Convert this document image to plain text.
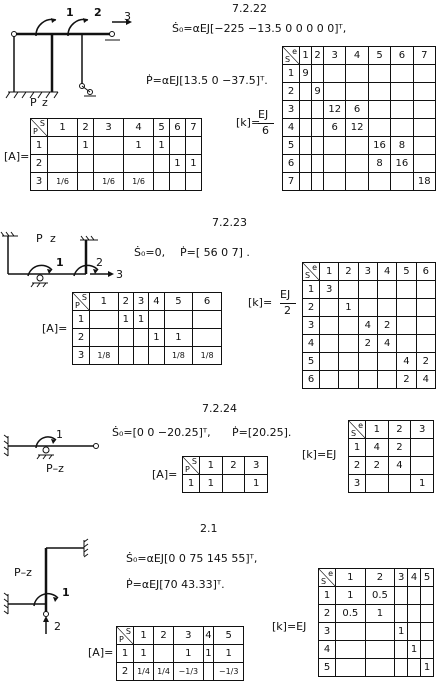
7.2.22
1 2 3
P z
Ṡ₀=αEJ[−225 −13.5 0 0 0 0 0]ᵀ,
Ṗ=αEJ[13.5 0 −37.5]ᵀ.
[A]=
S
P	1	2	3	4	5	6	7
1		1		1	1		
2						1	1
3	1/6		1/6	1/6			
[k]=
EJ
6
e
S	1	2	3	4	5	6	7
1	9						
2		9					
3			12	6			
4			6	12			
5					16	8	
6					8	16	
7							18
7.2.23
P z
1	2
3
Ṡ₀=0, Ṗ=[ 56 0 7] .
[A]=
S
P	1	2	3	4	5	6
1		1	1			
2				1	1	
3	1/8				1/8	1/8
[k]=
EJ
2
e
S	1	2	3	4	5	6
1	3					
2		1				
3			4	2		
4			2	4		
5					4	2
6					2	4
7.2.24
1
P–z
Ṡ₀=[0 0 −20.25]ᵀ, Ṗ=[20.25].
[A]=
S
P	1	2	3
1	1		1
[k]=EJ
e
S	1	2	3
1	4	2	
2	2	4	
3			1
2.1
P–z
1
2
Ṡ₀=αEJ[0 0 75 145 55]ᵀ,
Ṗ=αEJ[70 43.33]ᵀ.
[A]=
S
P	1	2	3	4	5
1	1		1	1	1
2	1/4	1/4	−1/3		−1/3
[k]=EJ
e
S	1	2	3	4	5
1	1	0.5			
2	0.5	1			
3			1		
4				1	
5					1
